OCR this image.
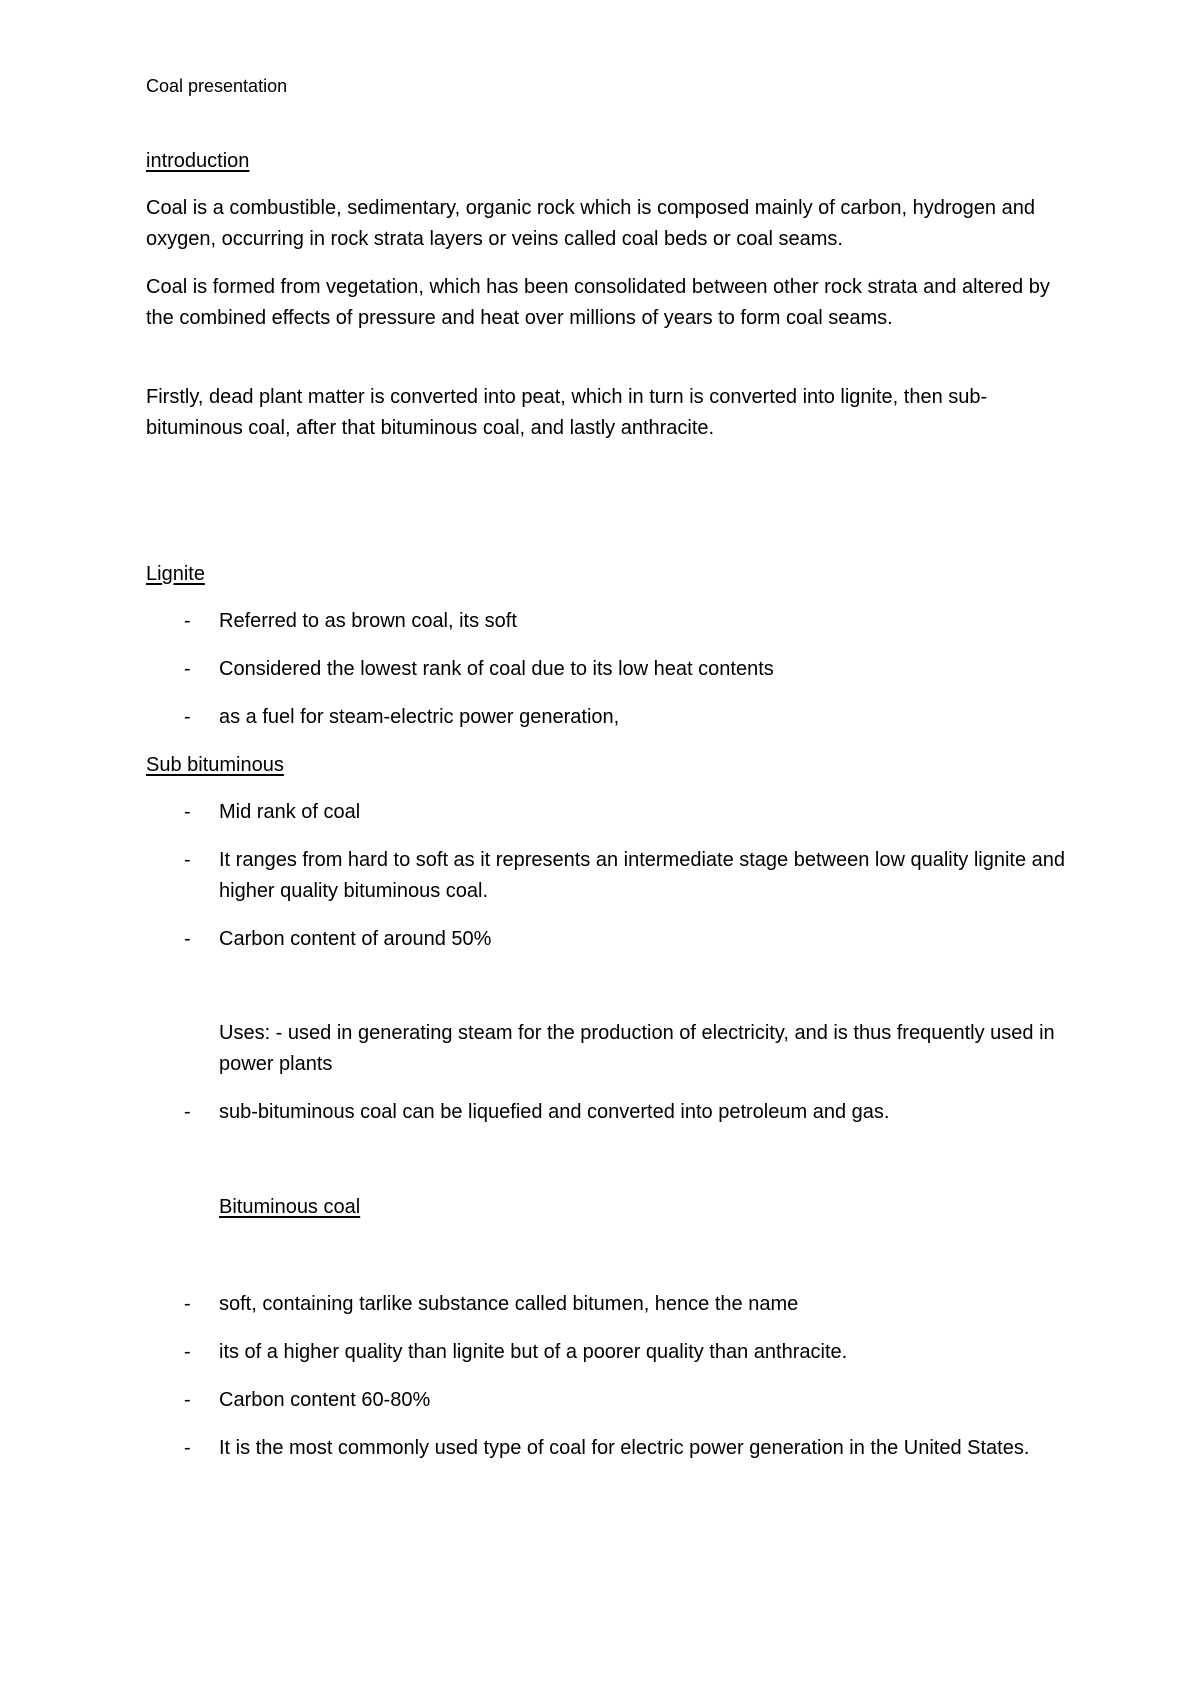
Coal presentation
introduction
Coal is a combustible, sedimentary, organic rock which is composed mainly of carbon, hydrogen and oxygen, occurring in rock strata layers or veins called coal beds or coal seams.
Coal is formed from vegetation, which has been consolidated between other rock strata and altered by the combined effects of pressure and heat over millions of years to form coal seams.
Firstly, dead plant matter is converted into peat, which in turn is converted into lignite, then sub-bituminous coal, after that bituminous coal, and lastly anthracite.
Lignite
- Referred to as brown coal, its soft
- Considered the lowest rank of coal due to its low heat contents
- as a fuel for steam-electric power generation,
Sub bituminous
- Mid rank of coal
- It ranges from hard to soft as it represents an intermediate stage between low quality lignite and higher quality bituminous coal.
- Carbon content of around 50%
Uses: - used in generating steam for the production of electricity, and is thus frequently used in power plants
- sub-bituminous coal can be liquefied and converted into petroleum and gas.
Bituminous coal
- soft, containing tarlike substance called bitumen, hence the name
- its of a higher quality than lignite but of a poorer quality than anthracite.
- Carbon content 60-80%
- It is the most commonly used type of coal for electric power generation in the United States.
